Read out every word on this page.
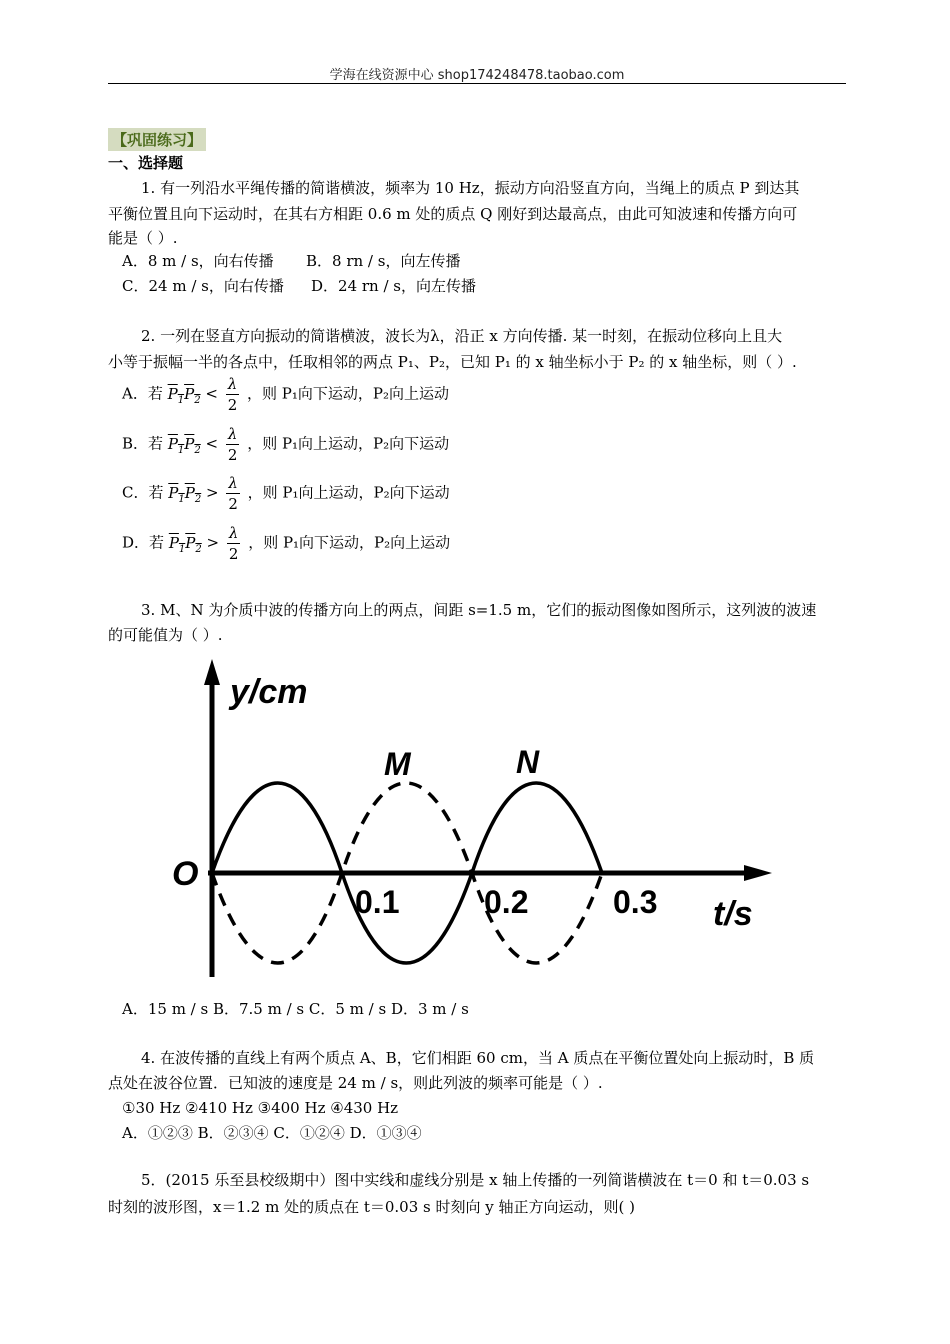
学海在线资源中心 shop174248478.taobao.com
【巩固练习】
一、选择题
1. 有一列沿水平绳传播的简谐横波，频率为 10 Hz，振动方向沿竖直方向，当绳上的质点 P 到达其
平衡位置且向下运动时，在其右方相距 0.6 m 处的质点 Q 刚好到达最高点，由此可知波速和传播方向可
能是（ ）.
A．8 m / s，向右传播 B．8 rn / s，向左传播
C．24 m / s，向右传播 D．24 rn / s，向左传播
2. 一列在竖直方向振动的简谐横波，波长为λ，沿正 x 方向传播. 某一时刻，在振动位移向上且大
小等于振幅一半的各点中，任取相邻的两点 P₁、P₂，已知 P₁ 的 x 轴坐标小于 P₂ 的 x 轴坐标，则（ ）.
A．若 $P_1P_2 < \frac{\lambda}{2}$ ，则 P₁向下运动，P₂向上运动
B．若 $P_1P_2 < \frac{\lambda}{2}$ ，则 P₁向上运动，P₂向下运动
C．若 $P_1P_2 > \frac{\lambda}{2}$ ，则 P₁向上运动，P₂向下运动
D．若 $P_1P_2 > \frac{\lambda}{2}$ ，则 P₁向下运动，P₂向上运动
3. M、N 为介质中波的传播方向上的两点，间距 s=1.5 m，它们的振动图像如图所示，这列波的波速
的可能值为（ ）.
y/cm
t/s
O
M	N
0.1	0.2	0.3
A．15 m / s B．7.5 m / s C．5 m / s D．3 m / s
4. 在波传播的直线上有两个质点 A、B，它们相距 60 cm，当 A 质点在平衡位置处向上振动时，B 质
点处在波谷位置．已知波的速度是 24 m / s，则此列波的频率可能是（ ）.
①30 Hz ②410 Hz ③400 Hz ④430 Hz
A．①②③ B．②③④ C．①②④ D．①③④
5．(2015 乐至县校级期中）图中实线和虚线分别是 x 轴上传播的一列简谐横波在 t＝0 和 t＝0.03 s
时刻的波形图，x＝1.2 m 处的质点在 t＝0.03 s 时刻向 y 轴正方向运动，则( )
